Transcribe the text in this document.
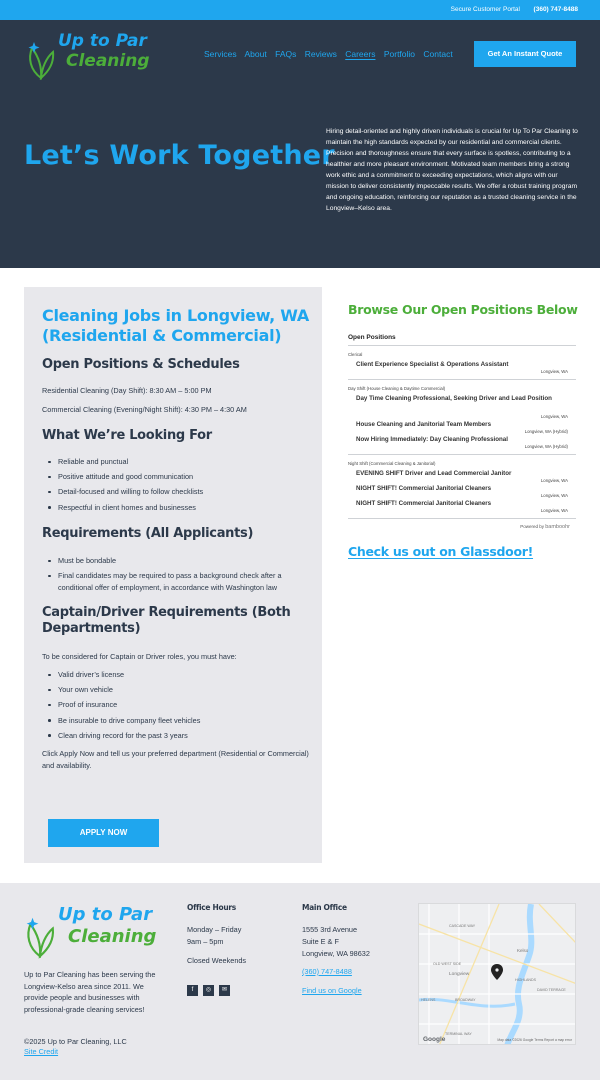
Secure Customer Portal (360) 747-8488
Up to Par
Cleaning	Services About FAQs Reviews Careers Portfolio Contact	Get An Instant Quote
Let’s Work Together
Hiring detail-oriented and highly driven individuals is crucial for Up To Par Cleaning to maintain the high standards expected by our residential and commercial clients. Precision and thoroughness ensure that every surface is spotless, contributing to a healthier and more pleasant environment. Motivated team members bring a strong work ethic and a commitment to exceeding expectations, which aligns with our mission to deliver consistently impeccable results. We offer a robust training program and ongoing education, reinforcing our reputation as a trusted cleaning service in the Longview–Kelso area.
Cleaning Jobs in Longview, WA (Residential & Commercial)
Open Positions & Schedules
Residential Cleaning (Day Shift): 8:30 AM – 5:00 PM
Commercial Cleaning (Evening/Night Shift): 4:30 PM – 4:30 AM
What We’re Looking For
Reliable and punctual
Positive attitude and good communication
Detail-focused and willing to follow checklists
Respectful in client homes and businesses
Requirements (All Applicants)
Must be bondable
Final candidates may be required to pass a background check after a conditional offer of employment, in accordance with Washington law
Captain/Driver Requirements (Both Departments)
To be considered for Captain or Driver roles, you must have:
Valid driver’s license
Your own vehicle
Proof of insurance
Be insurable to drive company fleet vehicles
Clean driving record for the past 3 years
Click Apply Now and tell us your preferred department (Residential or Commercial) and availability.
APPLY NOW
Browse Our Open Positions Below
Open Positions
Clerical
Client Experience Specialist & Operations Assistant
Longview, WA
Day Shift (House Cleaning & Daytime Commercial)
Day Time Cleaning Professional, Seeking Driver and Lead Position
Longview, WA
House Cleaning and Janitorial Team Members
Longview, WA (Hybrid)
Now Hiring Immediately: Day Cleaning Professional
Longview, WA (Hybrid)
Night Shift (Commercial Cleaning & Janitorial)
EVENING SHIFT Driver and Lead Commercial Janitor
Longview, WA
NIGHT SHIFT! Commercial Janitorial Cleaners
Longview, WA
NIGHT SHIFT! Commercial Janitorial Cleaners
Longview, WA
Powered by bamboohr
Check us out on Glassdoor!
Up to Par
Cleaning
Up to Par Cleaning has been serving the Longview-Kelso area since 2011. We provide people and businesses with professional-grade cleaning services!
©2025 Up to Par Cleaning, LLC
Site Credit
Office Hours
Monday – Friday
9am – 5pm
Closed Weekends
f	◎	✉
Main Office
1555 3rd Avenue
Suite E & F
Longview, WA 98632
(360) 747-8488
Find us on Google
CASCADE WAY
Kelso
OLD WEST SIDE
Longview
HIGHLANDS
BROADWAY
DAVID TERRACE
HELENS
TERMINAL WAY
Google	Map data ©2026 Google Terms Report a map error
